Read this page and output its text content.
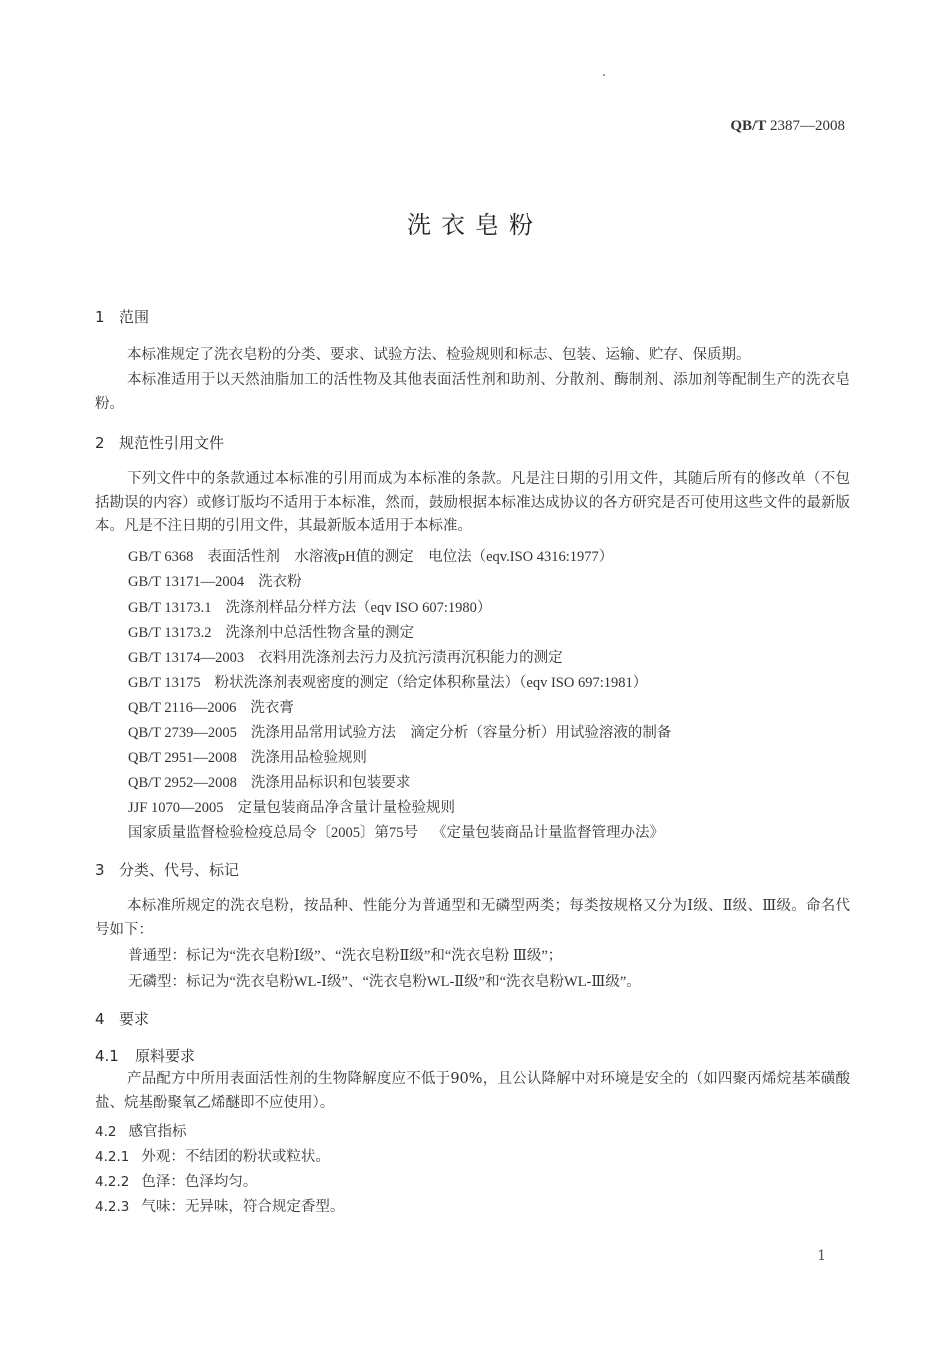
QB/T 2387—2008
洗衣皂粉
1 范围
本标准规定了洗衣皂粉的分类、要求、试验方法、检验规则和标志、包装、运输、贮存、保质期。
本标准适用于以天然油脂加工的活性物及其他表面活性剂和助剂、分散剂、酶制剂、添加剂等配制生产的洗衣皂粉。
2 规范性引用文件
下列文件中的条款通过本标准的引用而成为本标准的条款。凡是注日期的引用文件，其随后所有的修改单（不包括勘误的内容）或修订版均不适用于本标准，然而，鼓励根据本标准达成协议的各方研究是否可使用这些文件的最新版本。凡是不注日期的引用文件，其最新版本适用于本标准。
GB/T 6368 表面活性剂　水溶液pH值的测定　电位法（eqv.ISO 4316:1977）
GB/T 13171—2004 洗衣粉
GB/T 13173.1 洗涤剂样品分样方法（eqv ISO 607:1980）
GB/T 13173.2 洗涤剂中总活性物含量的测定
GB/T 13174—2003 衣料用洗涤剂去污力及抗污渍再沉积能力的测定
GB/T 13175 粉状洗涤剂表观密度的测定（给定体积称量法）（eqv ISO 697:1981）
QB/T 2116—2006 洗衣膏
QB/T 2739—2005 洗涤用品常用试验方法　滴定分析（容量分析）用试验溶液的制备
QB/T 2951—2008 洗涤用品检验规则
QB/T 2952—2008 洗涤用品标识和包装要求
JJF 1070—2005 定量包装商品净含量计量检验规则
国家质量监督检验检疫总局令〔2005〕第75号 《定量包装商品计量监督管理办法》
3 分类、代号、标记
本标准所规定的洗衣皂粉，按品种、性能分为普通型和无磷型两类；每类按规格又分为Ⅰ级、Ⅱ级、Ⅲ级。命名代号如下：
普通型：标记为“洗衣皂粉Ⅰ级”、“洗衣皂粉Ⅱ级”和“洗衣皂粉 Ⅲ级”；
无磷型：标记为“洗衣皂粉WL-Ⅰ级”、“洗衣皂粉WL-Ⅱ级”和“洗衣皂粉WL-Ⅲ级”。
4 要求
4.1 原料要求
产品配方中所用表面活性剂的生物降解度应不低于90%，且公认降解中对环境是安全的（如四聚丙烯烷基苯磺酸盐、烷基酚聚氧乙烯醚即不应使用）。
4.2 感官指标
4.2.1 外观：不结团的粉状或粒状。
4.2.2 色泽：色泽均匀。
4.2.3 气味：无异味，符合规定香型。
1
